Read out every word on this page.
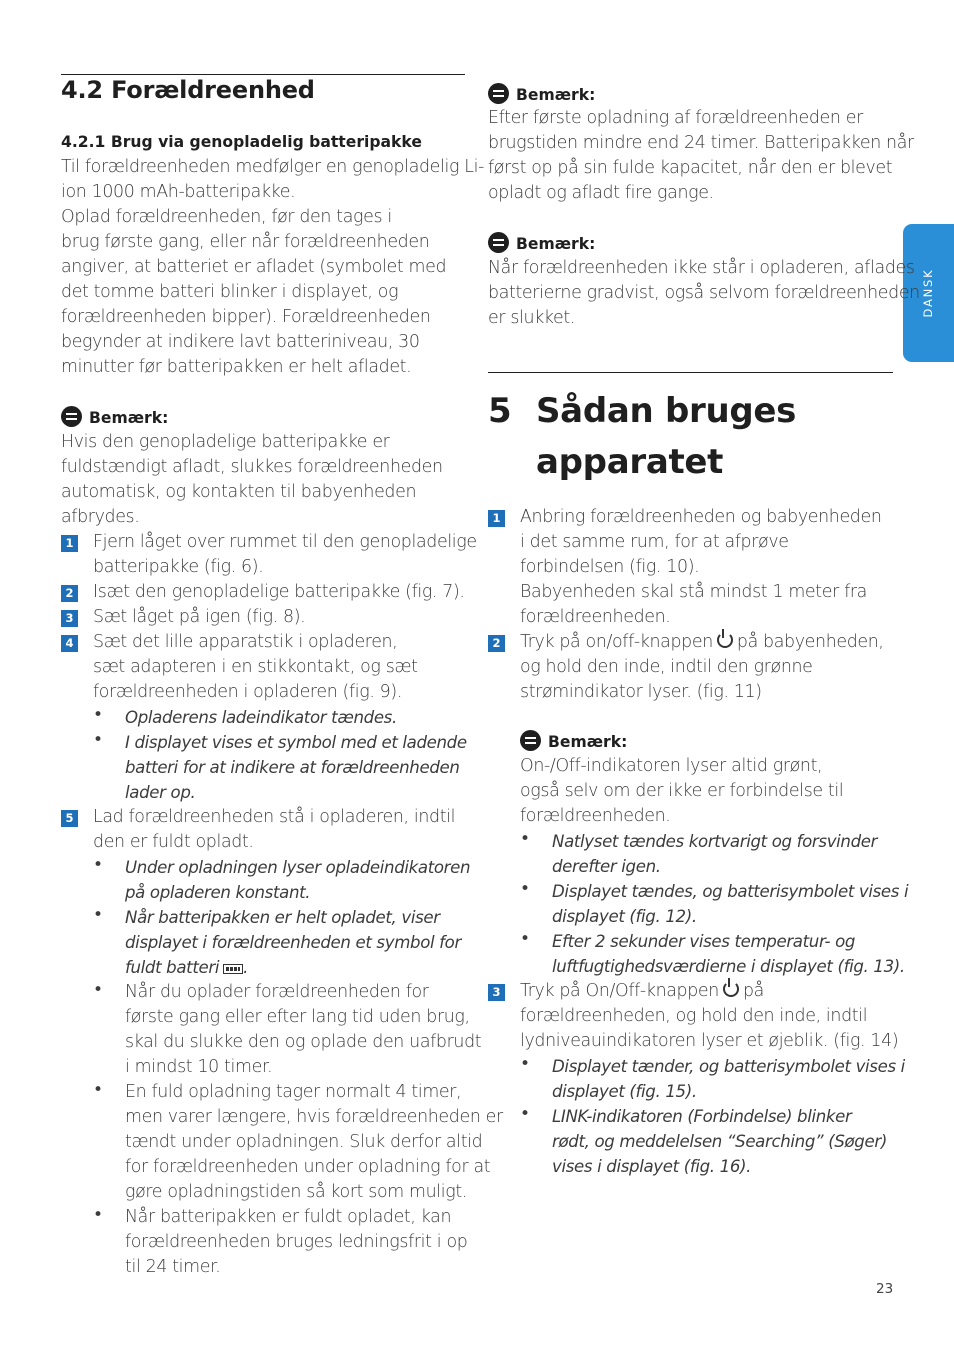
DANSK
4.2 Forældreenhed
4.2.1 Brug via genopladelig batteripakke
Til forældreenheden medfølger en genopladelig Li-
ion 1000 mAh-batteripakke.
Oplad forældreenheden, før den tages i
brug første gang, eller når forældreenheden
angiver, at batteriet er afladet (symbolet med
det tomme batteri blinker i displayet, og
forældreenheden bipper). Forældreenheden
begynder at indikere lavt batteriniveau, 30
minutter før batteripakken er helt afladet.
Bemærk:
Hvis den genopladelige batteripakke er
fuldstændigt afladt, slukkes forældreenheden
automatisk, og kontakten til babyenheden
afbrydes.
1 Fjern låget over rummet til den genopladelige
batteripakke (fig. 6).
2 Isæt den genopladelige batteripakke (fig. 7).
3 Sæt låget på igen (fig. 8).
4 Sæt det lille apparatstik i opladeren,
sæt adapteren i en stikkontakt, og sæt
forældreenheden i opladeren (fig. 9).
• Opladerens ladeindikator tændes.
• I displayet vises et symbol med et ladende
batteri for at indikere at forældreenheden
lader op.
5 Lad forældreenheden stå i opladeren, indtil
den er fuldt opladt.
• Under opladningen lyser opladeindikatoren
på opladeren konstant.
• Når batteripakken er helt opladet, viser
displayet i forældreenheden et symbol for
fuldt batteri .
• Når du oplader forældreenheden for
første gang eller efter lang tid uden brug,
skal du slukke den og oplade den uafbrudt
i mindst 10 timer.
• En fuld opladning tager normalt 4 timer,
men varer længere, hvis forældreenheden er
tændt under opladningen. Sluk derfor altid
for forældreenheden under opladning for at
gøre opladningstiden så kort som muligt.
• Når batteripakken er fuldt opladet, kan
forældreenheden bruges ledningsfrit i op
til 24 timer.
Bemærk:
Efter første opladning af forældreenheden er
brugstiden mindre end 24 timer. Batteripakken når
først op på sin fulde kapacitet, når den er blevet
opladt og afladt fire gange.
Bemærk:
Når forældreenheden ikke står i opladeren, aflades
batterierne gradvist, også selvom forældreenheden
er slukket.
5 Sådan bruges
apparatet
1 Anbring forældreenheden og babyenheden
i det samme rum, for at afprøve
forbindelsen (fig. 10).
Babyenheden skal stå mindst 1 meter fra
forældreenheden.
2 Tryk på on/off-knappen på babyenheden,
og hold den inde, indtil den grønne
strømindikator lyser. (fig. 11)
Bemærk:
On-/Off-indikatoren lyser altid grønt,
også selv om der ikke er forbindelse til
forældreenheden.
• Natlyset tændes kortvarigt og forsvinder
derefter igen.
• Displayet tændes, og batterisymbolet vises i
displayet (fig. 12).
• Efter 2 sekunder vises temperatur- og
luftfugtighedsværdierne i displayet (fig. 13).
3 Tryk på On/Off-knappen på
forældreenheden, og hold den inde, indtil
lydniveauindikatoren lyser et øjeblik. (fig. 14)
• Displayet tænder, og batterisymbolet vises i
displayet (fig. 15).
• LINK-indikatoren (Forbindelse) blinker
rødt, og meddelelsen “Searching” (Søger)
vises i displayet (fig. 16).
23
